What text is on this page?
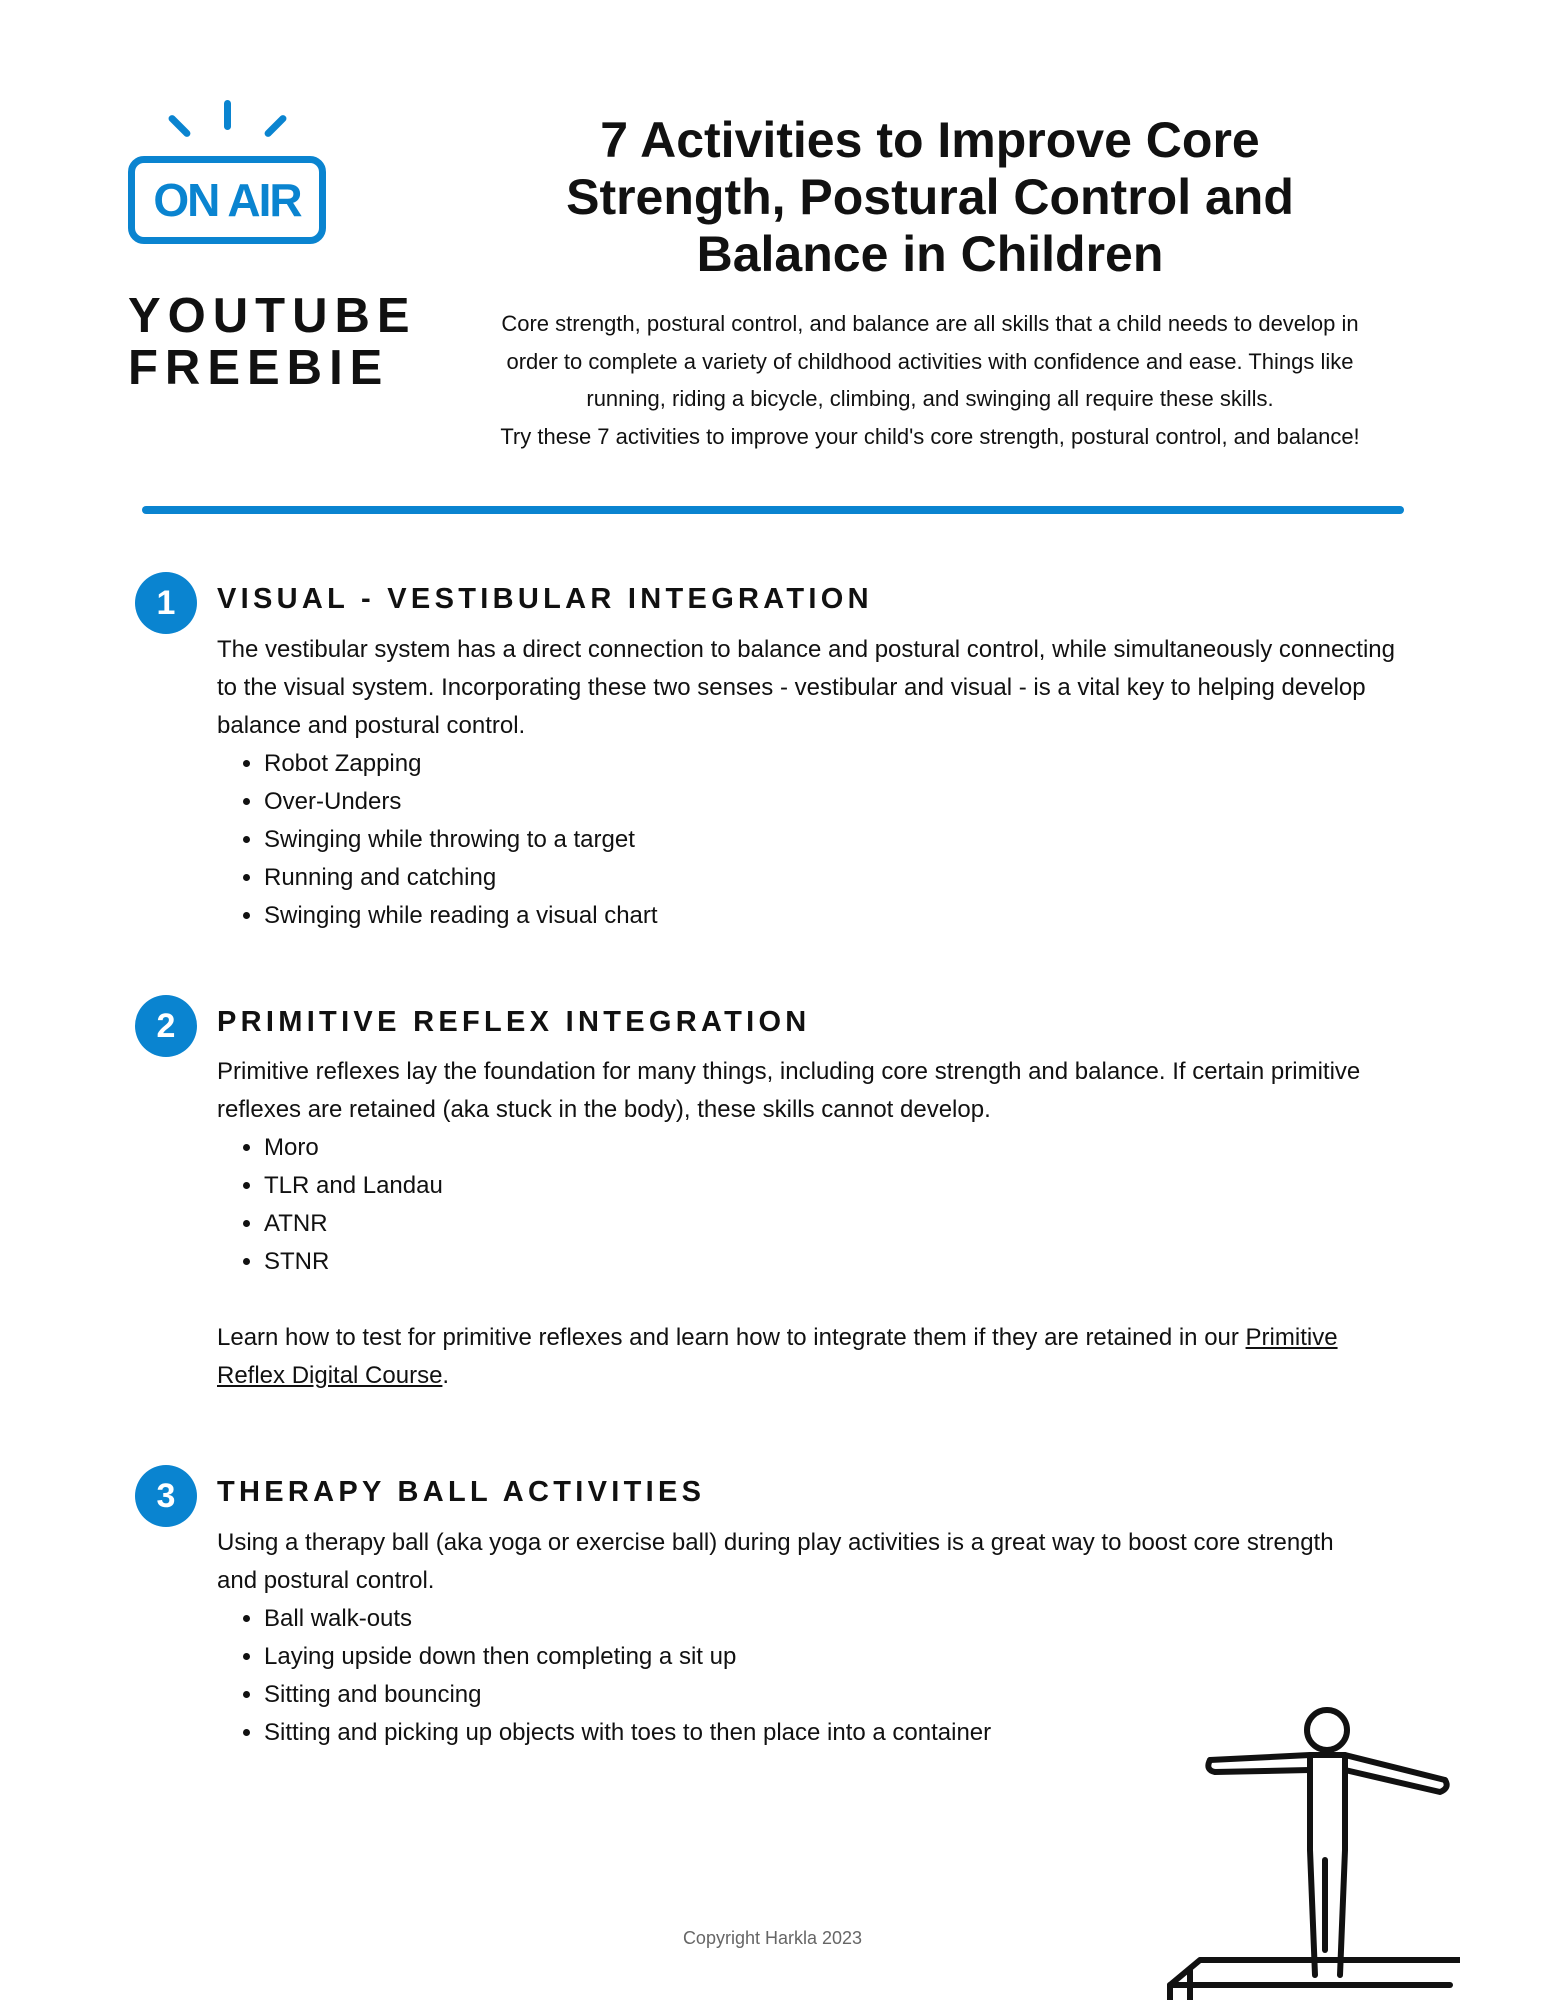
ON AIR
YOUTUBE
FREEBIE
7 Activities to Improve Core
Strength, Postural Control and
Balance in Children
Core strength, postural control, and balance are all skills that a child needs to develop in
order to complete a variety of childhood activities with confidence and ease. Things like
running, riding a bicycle, climbing, and swinging all require these skills.
Try these 7 activities to improve your child's core strength, postural control, and balance!
1	VISUAL - VESTIBULAR INTEGRATION
The vestibular system has a direct connection to balance and postural control, while simultaneously connecting
to the visual system. Incorporating these two senses - vestibular and visual - is a vital key to helping develop
balance and postural control.
• Robot Zapping
• Over-Unders
• Swinging while throwing to a target
• Running and catching
• Swinging while reading a visual chart
2	PRIMITIVE REFLEX INTEGRATION
Primitive reflexes lay the foundation for many things, including core strength and balance. If certain primitive
reflexes are retained (aka stuck in the body), these skills cannot develop.
• Moro
• TLR and Landau
• ATNR
• STNR
Learn how to test for primitive reflexes and learn how to integrate them if they are retained in our Primitive
Reflex Digital Course.
3	THERAPY BALL ACTIVITIES
Using a therapy ball (aka yoga or exercise ball) during play activities is a great way to boost core strength
and postural control.
• Ball walk-outs
• Laying upside down then completing a sit up
• Sitting and bouncing
• Sitting and picking up objects with toes to then place into a container
Copyright Harkla 2023
